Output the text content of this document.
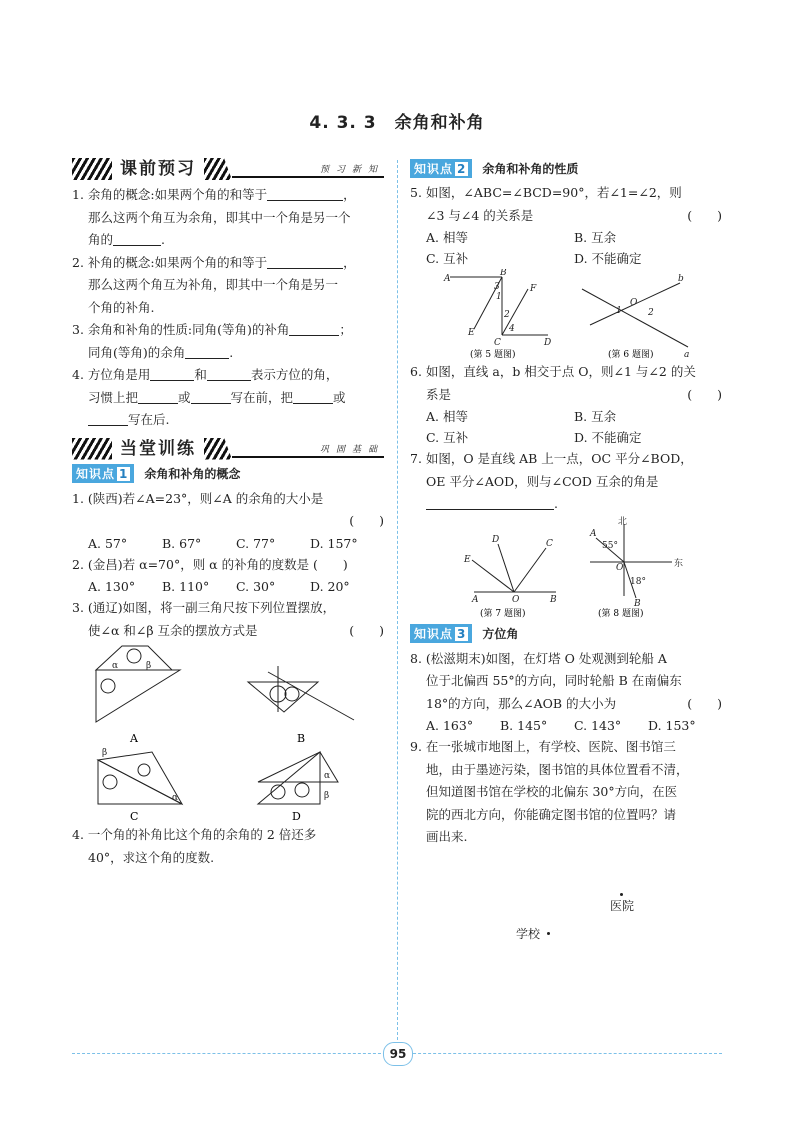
4. 3. 3　余角和补角
课前预习	预习新知

1. 余角的概念:如果两个角的和等于	，
那么这两个角互为余角，即其中一个角是另一个
角的	.

2. 补角的概念:如果两个角的和等于	，
那么这两个角互为补角，即其中一个角是另一
个角的补角.

3. 余角和补角的性质:同角(等角)的补角	；
同角(等角)的余角	.

4. 方位角是用	和	表示方位的角，
习惯上把	或	写在前，把	或
写在后.

当堂训练	巩固基础
知识点 1	余角和补角的概念

1. (陕西)若∠A=23°，则∠A 的余角的大小是

(　　)

A. 57°	B. 67°	C. 77°	D. 157°

2. (金昌)若 α=70°，则 α 的补角的度数是 (　　)

A. 130°	B. 110°	C. 30°	D. 20°

3. (通辽)如图，将一副三角尺按下列位置摆放，
使∠α 和∠β 互余的摆放方式是	(　　)

α	β
A	B
β
α
C
α
β
D

4. 一个角的补角比这个角的余角的 2 倍还多
40°，求这个角的度数.

知识点 2	余角和补角的性质

5. 如图，∠ABC=∠BCD=90°，若∠1=∠2，则
∠3 与∠4 的关系是	(　　)

A. 相等	B. 互余
C. 互补	D. 不能确定
A
B
C	D
E
F
3
2
4
1
(第 5 题图)
b
a
O
1	2
(第 6 题图)

6. 如图，直线 a，b 相交于点 O，则∠1 与∠2 的关
系是	(　　)

A. 相等	B. 互余
C. 互补	D. 不能确定

7. 如图，O 是直线 AB 上一点，OC 平分∠BOD，
OE 平分∠AOD，则与∠COD 互余的角是
.

A	O	B
D	C
E
(第 7 题图)
北
东
55°
18°
A
O
B
(第 8 题图)
知识点 3	方位角

8. (松滋期末)如图，在灯塔 O 处观测到轮船 A
位于北偏西 55°的方向，同时轮船 B 在南偏东
18°的方向，那么∠AOB 的大小为	(　　)

A. 163°	B. 145°	C. 143°	D. 153°

9. 在一张城市地图上，有学校、医院、图书馆三
地，由于墨迹污染，图书馆的具体位置看不清，
但知道图书馆在学校的北偏东 30°方向，在医
院的西北方向，你能确定图书馆的位置吗？请
画出来.

医院
学校
95
